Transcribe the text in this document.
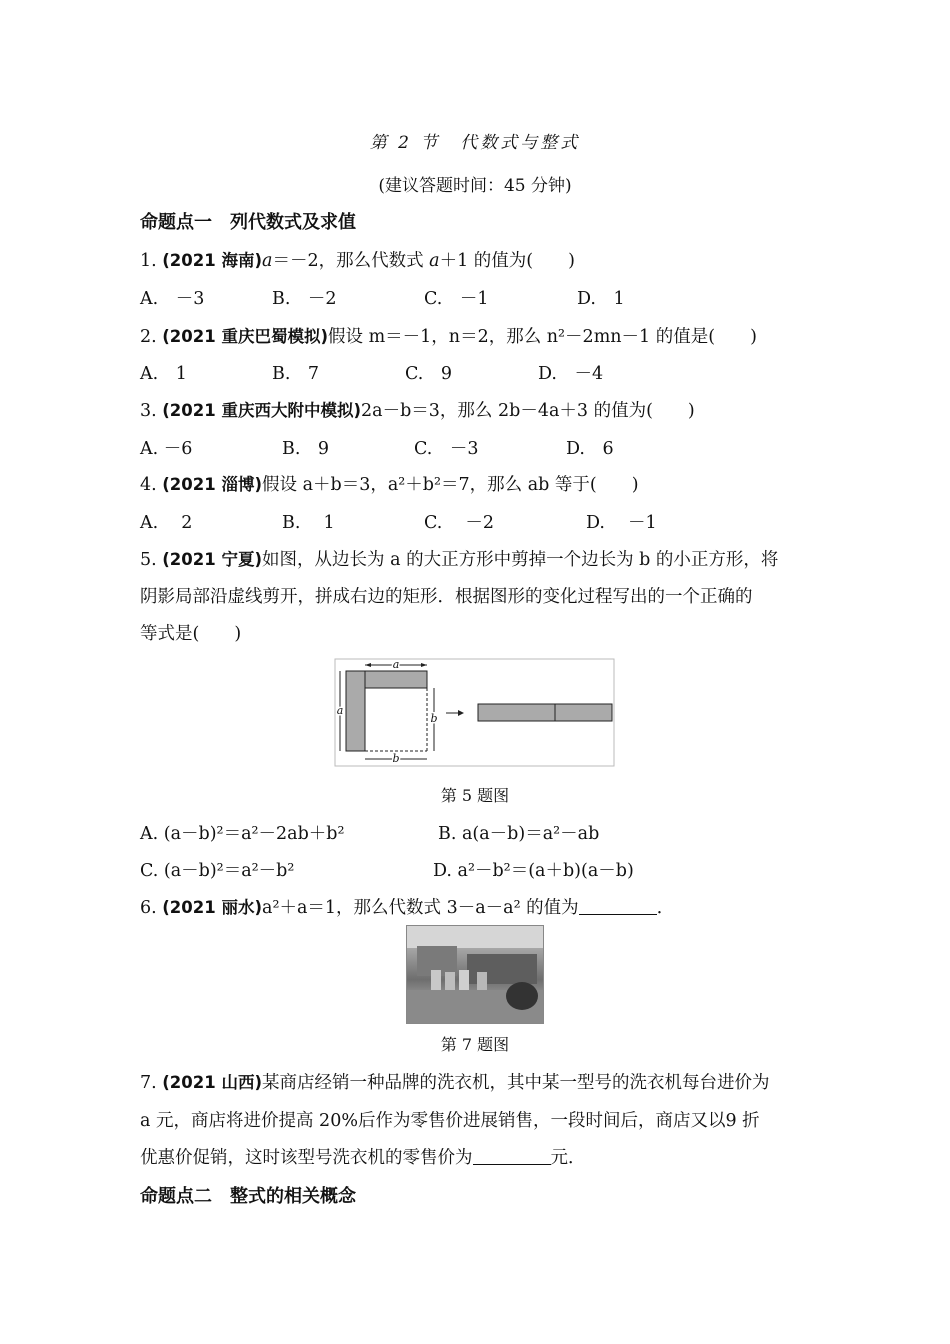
第 2 节　代数式与整式
(建议答题时间：45 分钟)
命题点一　列代数式及求值
1. (2021 海南)a＝－2，那么代数式 a＋1 的值为(　　)
A.　－3	B.　－2	C.　－1	D.　1
2. (2021 重庆巴蜀模拟)假设 m＝－1，n＝2，那么 n²－2mn－1 的值是(　　)
A.　1	B.　7	C.　9	D.　－4
3. (2021 重庆西大附中模拟)2a－b＝3，那么 2b－4a＋3 的值为(　　)
A. －6	B.　9	C.　－3	D.　6
4. (2021 淄博)假设 a＋b＝3，a²＋b²＝7，那么 ab 等于(　　)
A.　 2	B.　 1	C.　 －2	D.　 －1
5. (2021 宁夏)如图，从边长为 a 的大正方形中剪掉一个边长为 b 的小正方形，将
阴影局部沿虚线剪开，拼成右边的矩形．根据图形的变化过程写出的一个正确的
等式是(　　)
a
a
b
b
第 5 题图
A. (a－b)²＝a²－2ab＋b²	B. a(a－b)＝a²－ab
C. (a－b)²＝a²－b²	D. a²－b²＝(a＋b)(a－b)
6. (2021 丽水)a²＋a＝1，那么代数式 3－a－a² 的值为	．
第 7 题图
7. (2021 山西)某商店经销一种品牌的洗衣机，其中某一型号的洗衣机每台进价为
a 元，商店将进价提高 20%后作为零售价进展销售，一段时间后，商店又以9 折
优惠价促销，这时该型号洗衣机的零售价为	元．
命题点二　整式的相关概念
